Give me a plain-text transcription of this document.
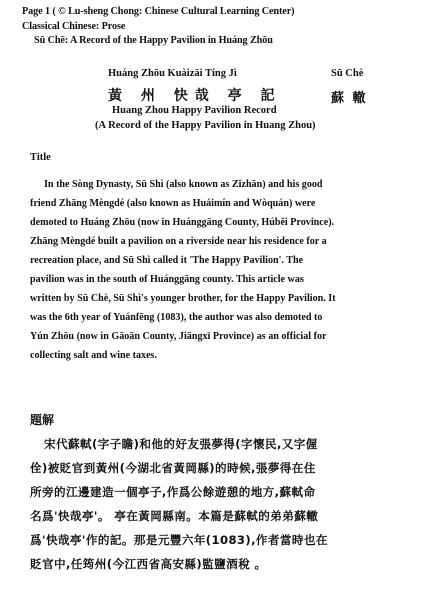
Page 1 ( © Lu-sheng Chong: Chinese Cultural Learning Center)
Classical Chinese: Prose
Sū Chē: A Record of the Happy Pavilion in Huáng Zhōu
Huáng Zhōu Kuàizāi Tíng Jì	Sū Chè
黃 州 快哉 亭 記	蘇 轍
Huang Zhou Happy Pavilion Record
(A Record of the Happy Pavilion in Huang Zhou)
Title
In the Sòng Dynasty, Sū Shì (also known as Zǐzhān) and his good
friend Zhāng Mèngdé (also known as Huáimín and Wòquán) were
demoted to Huáng Zhōu (now in Huánggāng County, Húběi Province).
Zhāng Mèngdé built a pavilion on a riverside near his residence for a
recreation place, and Sū Shì called it 'The Happy Pavilion'. The
pavilion was in the south of Huánggāng county. This article was
written by Sū Chè, Sū Shì's younger brother, for the Happy Pavilion. It
was the 6th year of Yuánfēng (1083), the author was also demoted to
Yún Zhōu (now in Gāoān County, Jiāngxī Province) as an official for
collecting salt and wine taxes.
題解
宋代蘇軾(字子瞻)和他的好友張夢得(字懷民,又字偓
佺)被貶官到黃州(今湖北省黃岡縣)的時候,張夢得在住
所旁的江邊建造一個亭子,作爲公餘遊憩的地方,蘇軾命
名爲'快哉亭'。 亭在黃岡縣南。本篇是蘇軾的弟弟蘇轍
爲'快哉亭'作的記。那是元豐六年(1083),作者當時也在
貶官中,任筠州(今江西省高安縣)監鹽酒稅 。
